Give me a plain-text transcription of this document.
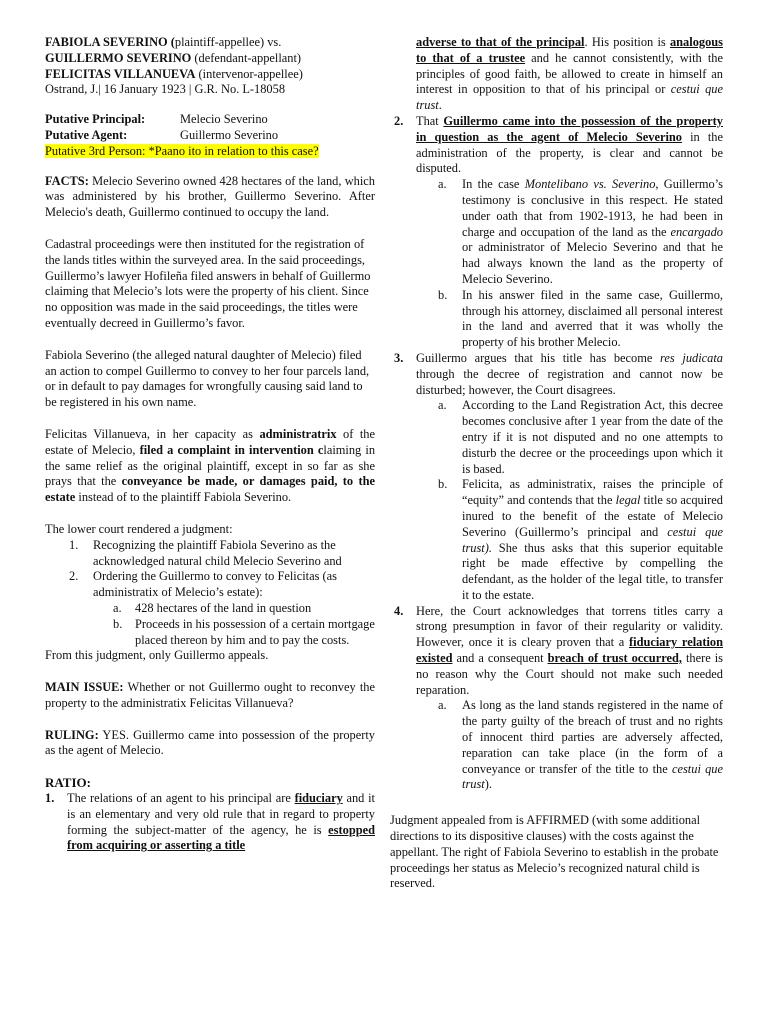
FABIOLA SEVERINO (plaintiff-appellee) vs.

GUILLERMO SEVERINO (defendant-appellant)

FELICITAS VILLANUEVA (intervenor-appellee)

Ostrand, J.| 16 January 1923 | G.R. No. L-18058

Putative Principal:	Melecio Severino
Putative Agent:	Guillermo Severino

Putative 3rd Person: *Paano ito in relation to this case?

FACTS: Melecio Severino owned 428 hectares of the land, which was administered by his brother, Guillermo Severino. After Melecio's death, Guillermo continued to occupy the land.

Cadastral proceedings were then instituted for the registration of the lands titles within the surveyed area. In the said proceedings, Guillermo’s lawyer Hofileña filed answers in behalf of Guillermo claiming that Melecio’s lots were the property of his client. Since no opposition was made in the said proceedings, the titles were eventually decreed in Guillermo’s favor.

Fabiola Severino (the alleged natural daughter of Melecio) filed an action to compel Guillermo to convey to her four parcels land, or in default to pay damages for wrongfully causing said land to be registered in his own name.

Felicitas Villanueva, in her capacity as administratrix of the estate of Melecio, filed a complaint in intervention claiming in the same relief as the original plaintiff, except in so far as she prays that the conveyance be made, or damages paid, to the estate instead of to the plaintiff Fabiola Severino.

The lower court rendered a judgment:

1.	Recognizing the plaintiff Fabiola Severino as the acknowledged natural child Melecio Severino and
2.	Ordering the Guillermo to convey to Felicitas (as administratix of Melecio’s estate):
a.	428 hectares of the land in question
b.	Proceeds in his possession of a certain mortgage placed thereon by him and to pay the costs.

From this judgment, only Guillermo appeals.

MAIN ISSUE: Whether or not Guillermo ought to reconvey the property to the administratix Felicitas Villanueva?

RULING: YES. Guillermo came into possession of the property as the agent of Melecio.

RATIO:

1.	The relations of an agent to his principal are fiduciary and it is an elementary and very old rule that in regard to property forming the subject-matter of the agency, he is estopped from acquiring or asserting a title

adverse to that of the principal. His position is analogous to that of a trustee and he cannot consistently, with the principles of good faith, be allowed to create in himself an interest in opposition to that of his principal or cestui que trust.

2.	That Guillermo came into the possession of the property in question as the agent of Melecio Severino in the administration of the property, is clear and cannot be disputed.
a.	In the case Montelibano vs. Severino, Guillermo’s testimony is conclusive in this respect. He stated under oath that from 1902-1913, he had been in charge and occupation of the land as the encargado or administrator of Melecio Severino and that he had always known the land as the property of Melecio Severino.
b.	In his answer filed in the same case, Guillermo, through his attorney, disclaimed all personal interest in the land and averred that it was wholly the property of his brother Melecio.
3.	Guillermo argues that his title has become res judicata through the decree of registration and cannot now be disturbed; however, the Court disagrees.
a.	According to the Land Registration Act, this decree becomes conclusive after 1 year from the date of the entry if it is not disputed and no one attempts to disturb the decree or the proceedings upon which it is based.
b.	Felicita, as administratix, raises the principle of “equity” and contends that the legal title so acquired inured to the benefit of the estate of Melecio Severino (Guillermo’s principal and cestui que trust). She thus asks that this superior equitable right be made effective by compelling the defendant, as the holder of the legal title, to transfer it to the estate.
4.	Here, the Court acknowledges that torrens titles carry a strong presumption in favor of their regularity or validity. However, once it is cleary proven that a fiduciary relation existed and a consequent breach of trust occurred, there is no reason why the Court should not make such needed reparation.
a.	As long as the land stands registered in the name of the party guilty of the breach of trust and no rights of innocent third parties are adversely affected, reparation can take place (in the form of a conveyance or transfer of the title to the cestui que trust).

Judgment appealed from is AFFIRMED (with some additional directions to its dispositive clauses) with the costs against the appellant. The right of Fabiola Severino to establish in the probate proceedings her status as Melecio’s recognized natural child is reserved.
